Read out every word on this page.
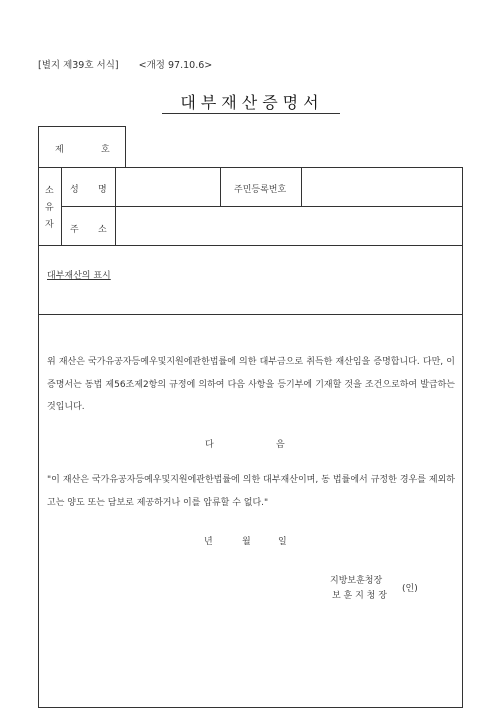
[별지 제39호 서식] <개정 97.10.6>
대부재산증명서
제	호
소
유
자
성 명	주민등록번호
주 소
대부재산의 표시
위 재산은 국가유공자등예우및지원에관한법률에 의한 대부금으로 취득한 재산임을 증명합니다. 다만, 이 증명서는 동법 제56조제2항의 규정에 의하여 다음 사항을 등기부에 기재할 것을 조건으로하여 발급하는 것입니다.
다	음
"이 재산은 국가유공자등예우및지원에관한법률에 의한 대부재산이며, 동 법률에서 규정한 경우를 제외하고는 양도 또는 담보로 제공하거나 이를 압류할 수 없다."
년	월	일
지방보훈청장
보 훈 지 청 장
(인)
